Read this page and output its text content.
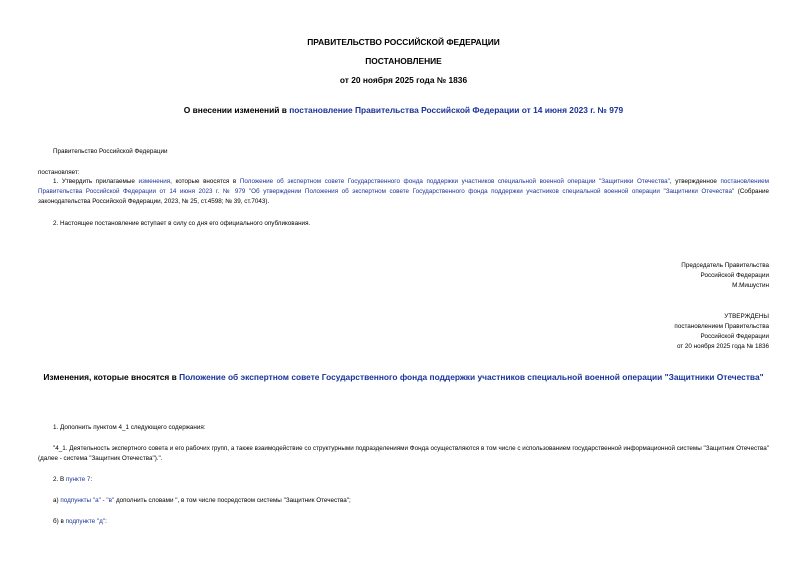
ПРАВИТЕЛЬСТВО РОССИЙСКОЙ ФЕДЕРАЦИИ
ПОСТАНОВЛЕНИЕ
от 20 ноября 2025 года № 1836
О внесении изменений в постановление Правительства Российской Федерации от 14 июня 2023 г. № 979
Правительство Российской Федерации
постановляет:
1. Утвердить прилагаемые изменения, которые вносятся в Положение об экспертном совете Государственного фонда поддержки участников специальной военной операции "Защитники Отечества", утвержденное постановлением Правительства Российской Федерации от 14 июня 2023 г. № 979 "Об утверждении Положения об экспертном совете Государственного фонда поддержки участников специальной военной операции "Защитники Отечества" (Собрание законодательства Российской Федерации, 2023, № 25, ст.4598; № 39, ст.7043).
2. Настоящее постановление вступает в силу со дня его официального опубликования.
Председатель Правительства
Российской Федерации
М.Мишустин
УТВЕРЖДЕНЫ
постановлением Правительства
Российской Федерации
от 20 ноября 2025 года № 1836
Изменения, которые вносятся в Положение об экспертном совете Государственного фонда поддержки участников специальной военной операции "Защитники Отечества"
1. Дополнить пунктом 4_1 следующего содержания:
"4_1. Деятельность экспертного совета и его рабочих групп, а также взаимодействие со структурными подразделениями Фонда осуществляются в том числе с использованием государственной информационной системы "Защитник Отечества" (далее - система "Защитник Отечества").".
2. В пункте 7:
а) подпункты "а" - "в" дополнить словами ", в том числе посредством системы "Защитник Отечества";
б) в подпункте "д":
